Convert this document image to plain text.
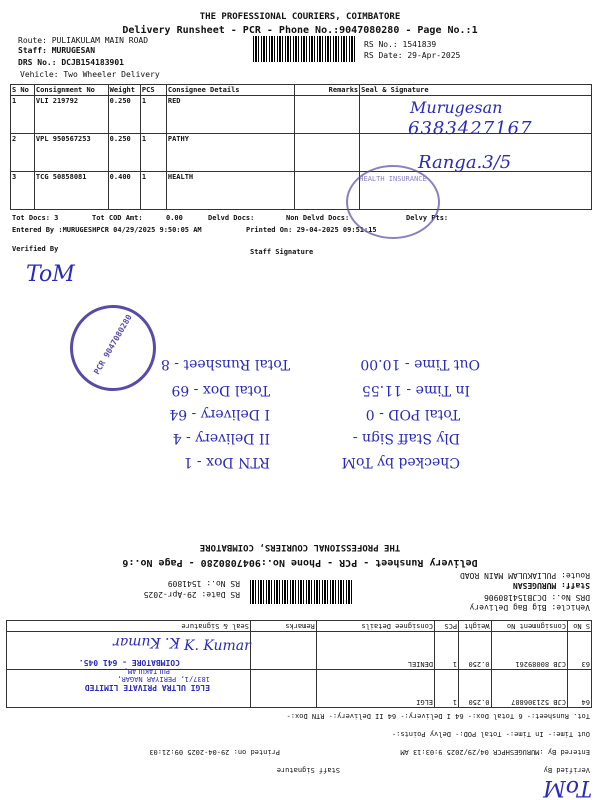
THE PROFESSIONAL COURIERS, COIMBATORE
Delivery Runsheet - PCR - Phone No.:9047080280 - Page No.:1
Route: PULIAKULAM MAIN ROAD
Staff: MURUGESAN
DRS No.: DCJB154183901
Vehicle: Two Wheeler Delivery
RS No.: 1541839
RS Date: 29-Apr-2025
S No	Consignment No	Weight	PCS	Consignee Details	Remarks	Seal & Signature
1	VLI 219792	0.250	1	RED		
2	VPL 950567253	0.250	1	PATHY		
3	TCG 50858081	0.400	1	HEALTH		
Tot Docs: 3	Tot COD Amt:	0.00	Delvd Docs:	Non Delvd Docs:	Delvy Pts:
Entered By :MURUGESHPCR 04/29/2025 9:50:05 AM	Printed On: 29-04-2025 09:51:15
Verified By	Staff Signature
Murugesan
6383427167
Ranga.3/5
HEALTH INSURANCE
ToM
PCR 9047080280 Total Runsheet - 8
Total Dox - 69
I Delivery - 64
II Delivery - 4
RTN Dox - 1
Out Time - 10.00
In Time - 11.55
Total POD - 0
Dly Staff Sign -
Checked by ToM
THE PROFESSIONAL COURIERS, COIMBATORE
Delivery Runsheet - PCR - Phone No.:9047080280 - Page No.:6
Route: PULIAKULAM MAIN ROAD
Staff: MURUGESAN
DRS No.: DCJB154180906
Vehicle: Big Bag Delivery
RS No.: 1541809
RS Date: 29-Apr-2025
64	CJB 521306887	0.250	1	ELGI		
63	CJB 80089261	0.250	1	DENIEL		
S No	Consignment No	Weight	PCS	Consignee Details	Remarks	Seal & Signature
Tot. Runsheet:- 6 Total Dox:- 64 I Delivery:- 64 II Delivery:- RTN Dox:-
Out Time:- In Time:- Total POD:- Delvy Points:-
Entered By :MURUGESHPCR 04/29/2025 9:03:13 AM
Printed on: 29-04-2025 09:21:03
Verified By
Staff Signature
ToM
ELGI ULTRA PRIVATE LIMITED
1837/1, PERIYAR NAGAR,
PULIAKULAM,
COIMBATORE - 641 045.
K. Kumar K. Kumar
